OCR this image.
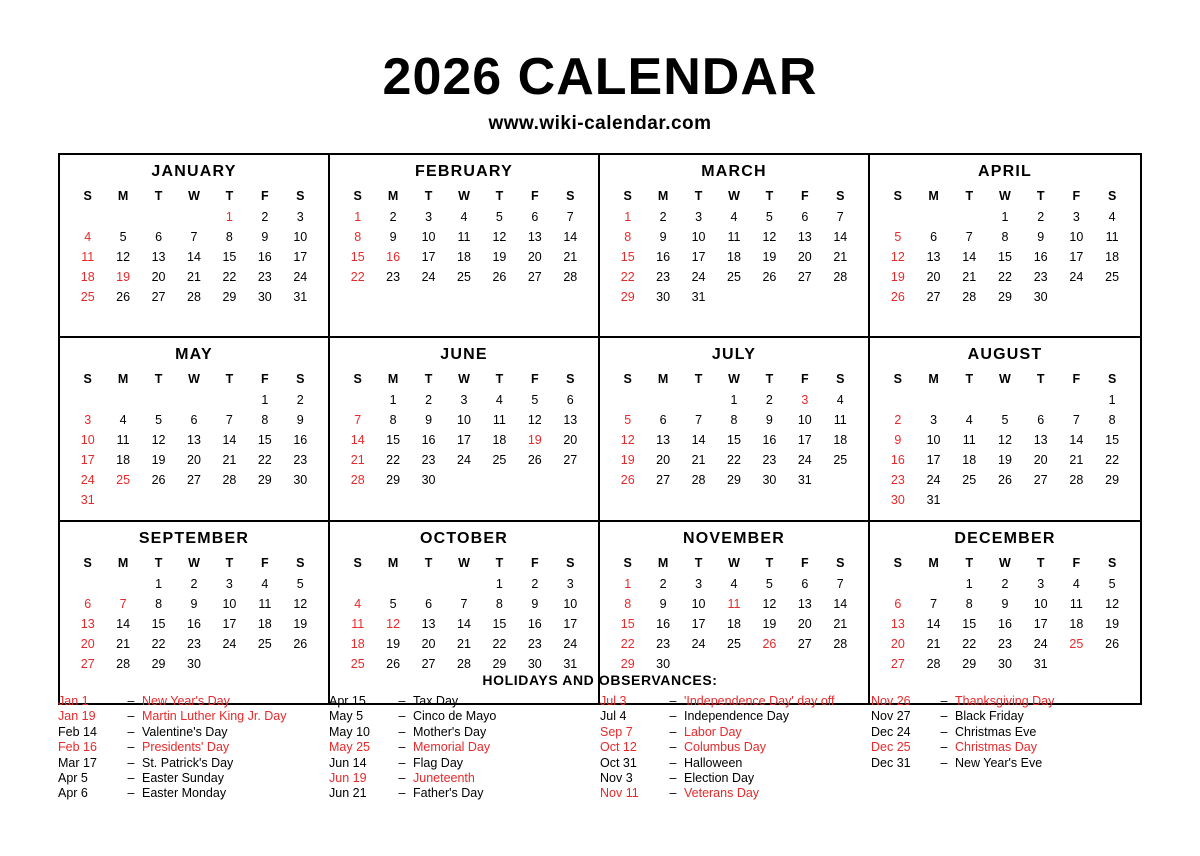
2026 CALENDAR
www.wiki-calendar.com
JANUARY
S	M	T	W	T	F	S
				1	2	3
4	5	6	7	8	9	10
11	12	13	14	15	16	17
18	19	20	21	22	23	24
25	26	27	28	29	30	31

FEBRUARY
S	M	T	W	T	F	S
1	2	3	4	5	6	7
8	9	10	11	12	13	14
15	16	17	18	19	20	21
22	23	24	25	26	27	28

MARCH
S	M	T	W	T	F	S
1	2	3	4	5	6	7
8	9	10	11	12	13	14
15	16	17	18	19	20	21
22	23	24	25	26	27	28
29	30	31				

APRIL
S	M	T	W	T	F	S
			1	2	3	4
5	6	7	8	9	10	11
12	13	14	15	16	17	18
19	20	21	22	23	24	25
26	27	28	29	30		

MAY
S	M	T	W	T	F	S
					1	2
3	4	5	6	7	8	9
10	11	12	13	14	15	16
17	18	19	20	21	22	23
24	25	26	27	28	29	30
31						
JUNE
S	M	T	W	T	F	S
	1	2	3	4	5	6
7	8	9	10	11	12	13
14	15	16	17	18	19	20
21	22	23	24	25	26	27
28	29	30				

JULY
S	M	T	W	T	F	S
			1	2	3	4
5	6	7	8	9	10	11
12	13	14	15	16	17	18
19	20	21	22	23	24	25
26	27	28	29	30	31	

AUGUST
S	M	T	W	T	F	S
						1
2	3	4	5	6	7	8
9	10	11	12	13	14	15
16	17	18	19	20	21	22
23	24	25	26	27	28	29
30	31					
SEPTEMBER
S	M	T	W	T	F	S
		1	2	3	4	5
6	7	8	9	10	11	12
13	14	15	16	17	18	19
20	21	22	23	24	25	26
27	28	29	30			

OCTOBER
S	M	T	W	T	F	S
				1	2	3
4	5	6	7	8	9	10
11	12	13	14	15	16	17
18	19	20	21	22	23	24
25	26	27	28	29	30	31

NOVEMBER
S	M	T	W	T	F	S
1	2	3	4	5	6	7
8	9	10	11	12	13	14
15	16	17	18	19	20	21
22	23	24	25	26	27	28
29	30					

DECEMBER
S	M	T	W	T	F	S
		1	2	3	4	5
6	7	8	9	10	11	12
13	14	15	16	17	18	19
20	21	22	23	24	25	26
27	28	29	30	31		

HOLIDAYS AND OBSERVANCES:
Jan 1	– New Year's Day
Jan 19	– Martin Luther King Jr. Day
Feb 14	– Valentine's Day
Feb 16	– Presidents' Day
Mar 17	– St. Patrick's Day
Apr 5	– Easter Sunday
Apr 6	– Easter Monday
Apr 15	– Tax Day
May 5	– Cinco de Mayo
May 10	– Mother's Day
May 25	– Memorial Day
Jun 14	– Flag Day
Jun 19	– Juneteenth
Jun 21	– Father's Day
Jul 3	– 'Independence Day' day off
Jul 4	– Independence Day
Sep 7	– Labor Day
Oct 12	– Columbus Day
Oct 31	– Halloween
Nov 3	– Election Day
Nov 11	– Veterans Day
Nov 26	– Thanksgiving Day
Nov 27	– Black Friday
Dec 24	– Christmas Eve
Dec 25	– Christmas Day
Dec 31	– New Year's Eve
